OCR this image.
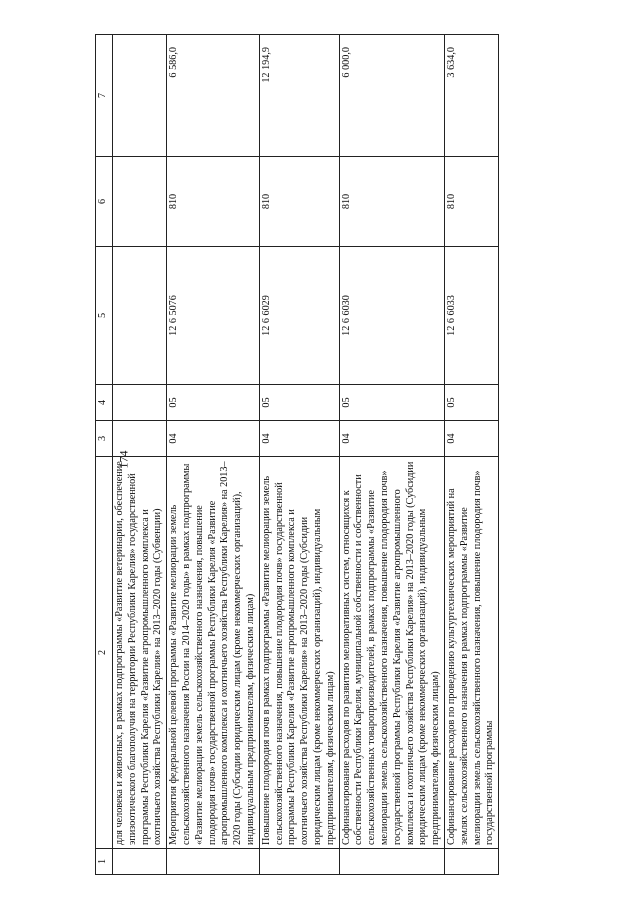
174
1	2	3	4	5	6	7
	для человека и животных, в рамках подпрограммы «Развитие ветеринарии, обеспечение эпизоотического благополучия на территории Республики Карелия» государственной программы Республики Карелия «Развитие агропромышленного комплекса и охотничьего хозяйства Республики Карелия» на 2013–2020 годы (Субвенции)					
	Мероприятия федеральной целевой программы «Развитие мелиорации земель сельскохозяйственного назначения России на 2014–2020 годы» в рамках подпрограммы «Развитие мелиорации земель сельскохозяйственного назначения, повышение плодородия почв» государственной программы Республики Карелия «Развитие агропромышленного комплекса и охотничьего хозяйства Республики Карелия» на 2013–2020 годы (Субсидии юридическим лицам (кроме некоммерческих организаций), индивидуальным предпринимателям, физическим лицам)	04	05	12 6 5076	810	6 586,0
	Повышение плодородия почв в рамках подпрограммы «Развитие мелиорации земель сельскохозяйственного назначения, повышение плодородия почв» государственной программы Республики Карелия «Развитие агропромышленного комплекса и охотничьего хозяйства Республики Карелия» на 2013–2020 годы (Субсидии юридическим лицам (кроме некоммерческих организаций), индивидуальным предпринимателям, физическим лицам)	04	05	12 6 6029	810	12 194,9
	Софинансирование расходов по развитию мелиоративных систем, относящихся к собственности Республики Карелия, муниципальной собственности и собственности сельскохозяйственных товаропроизводителей, в рамках подпрограммы «Развитие мелиорации земель сельскохозяйственного назначения, повышение плодородия почв» государственной программы Республики Карелия «Развитие агропромышленного комплекса и охотничьего хозяйства Республики Карелия» на 2013–2020 годы (Субсидии юридическим лицам (кроме некоммерческих организаций), индивидуальным предпринимателям, физическим лицам)	04	05	12 6 6030	810	6 000,0
	Софинансирование расходов по проведению культуртехнических мероприятий на землях сельскохозяйственного назначения в рамках подпрограммы «Развитие мелиорации земель сельскохозяйственного назначения, повышение плодородия почв» государственной программы	04	05	12 6 6033	810	3 634,0
